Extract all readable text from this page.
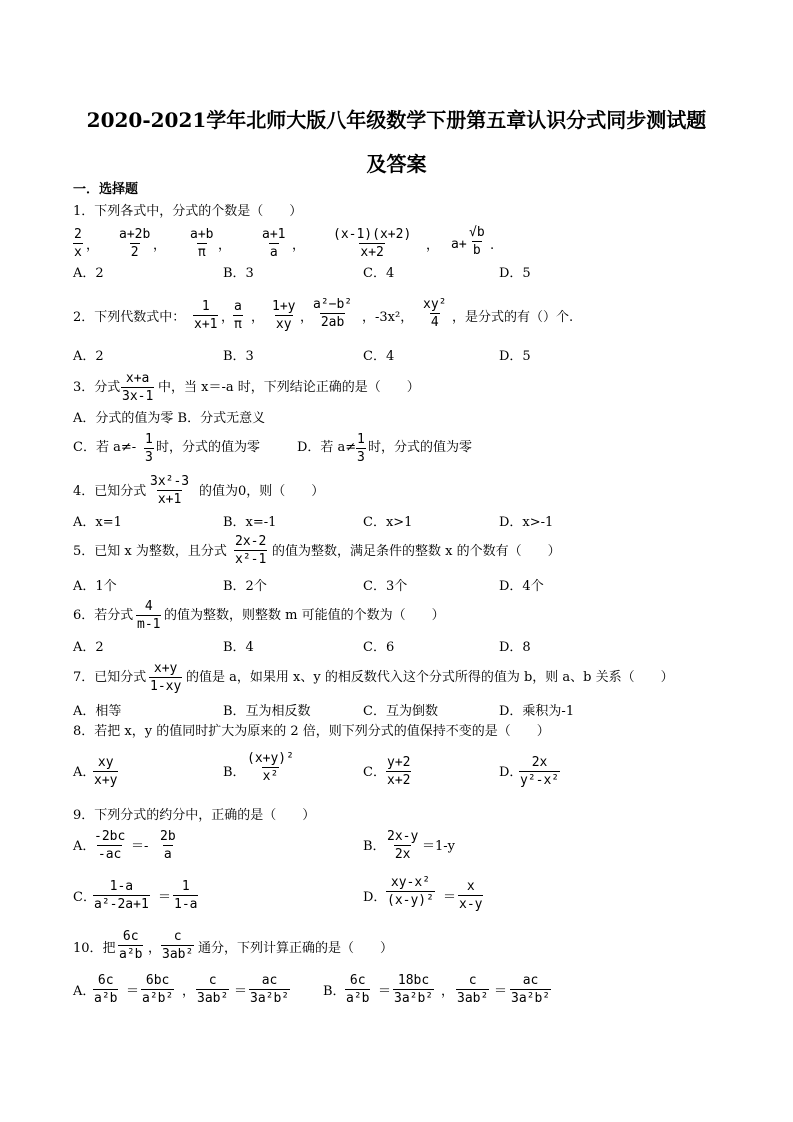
2020-2021学年北师大版八年级数学下册第五章认识分式同步测试题
及答案
一．选择题
1．下列各式中，分式的个数是（　　）
2
x ，
a+2b
2 ，
a+b
π ，
a+1
a ，
(x-1)(x+2)
x+2	， a+
√b
b .
A．2	B．3	C．4	D．5
2．下列代数式中：
1
x+1 ，
a
π ，
1+y
xy ，
a²−b²
2ab ，-3x²，
xy²
4 ，是分式的有（）个.
A．2	B．3	C．4	D．5
3．分式
x+a
3x-1
中，当 x＝-a 时，下列结论正确的是（　　）
A．分式的值为零 B．分式无意义
C．若 a≠-
1
3
时，分式的值为零	D．若 a≠
1
3
时，分式的值为零
4．已知分式
3x²-3
x+1
的值为0，则（　　）
A．x=1	B．x=-1	C．x>1	D．x>-1
5．已知 x 为整数，且分式
2x-2
x²-1
的值为整数，满足条件的整数 x 的个数有（　　）
A．1个	B．2个	C．3个	D．4个
6．若分式
4
m-1
的值为整数，则整数 m 可能值的个数为（　　）
A．2	B．4	C．6	D．8
7．已知分式
x+y
1-xy
的值是 a，如果用 x、y 的相反数代入这个分式所得的值为 b，则 a、b 关系（　　）
A．相等	B．互为相反数	C．互为倒数	D．乘积为-1
8．若把 x，y 的值同时扩大为原来的 2 倍，则下列分式的值保持不变的是（　　）
A．
xy
x+y
B．
(x+y)²
x²	C．
y+2
x+2
D．
2x
y²-x²
9．下列分式的约分中，正确的是（　　）
A．
-2bc
-ac
＝-
2b
a
B．
2x-y
2x
＝1-y
C．
1-a
a²-2a+1 ＝
1
1-a	D．
xy-x²
(x-y)² ＝
x
x-y
10．把
6c
a²b ，
c
3ab² 通分，下列计算正确的是（　　）
A．
6c
a²b ＝
6bc
a²b² ，
c
3ab² ＝
ac
3a²b²	B．
6c
a²b ＝
18bc
3a²b² ，
c
3ab² ＝
ac
3a²b²
